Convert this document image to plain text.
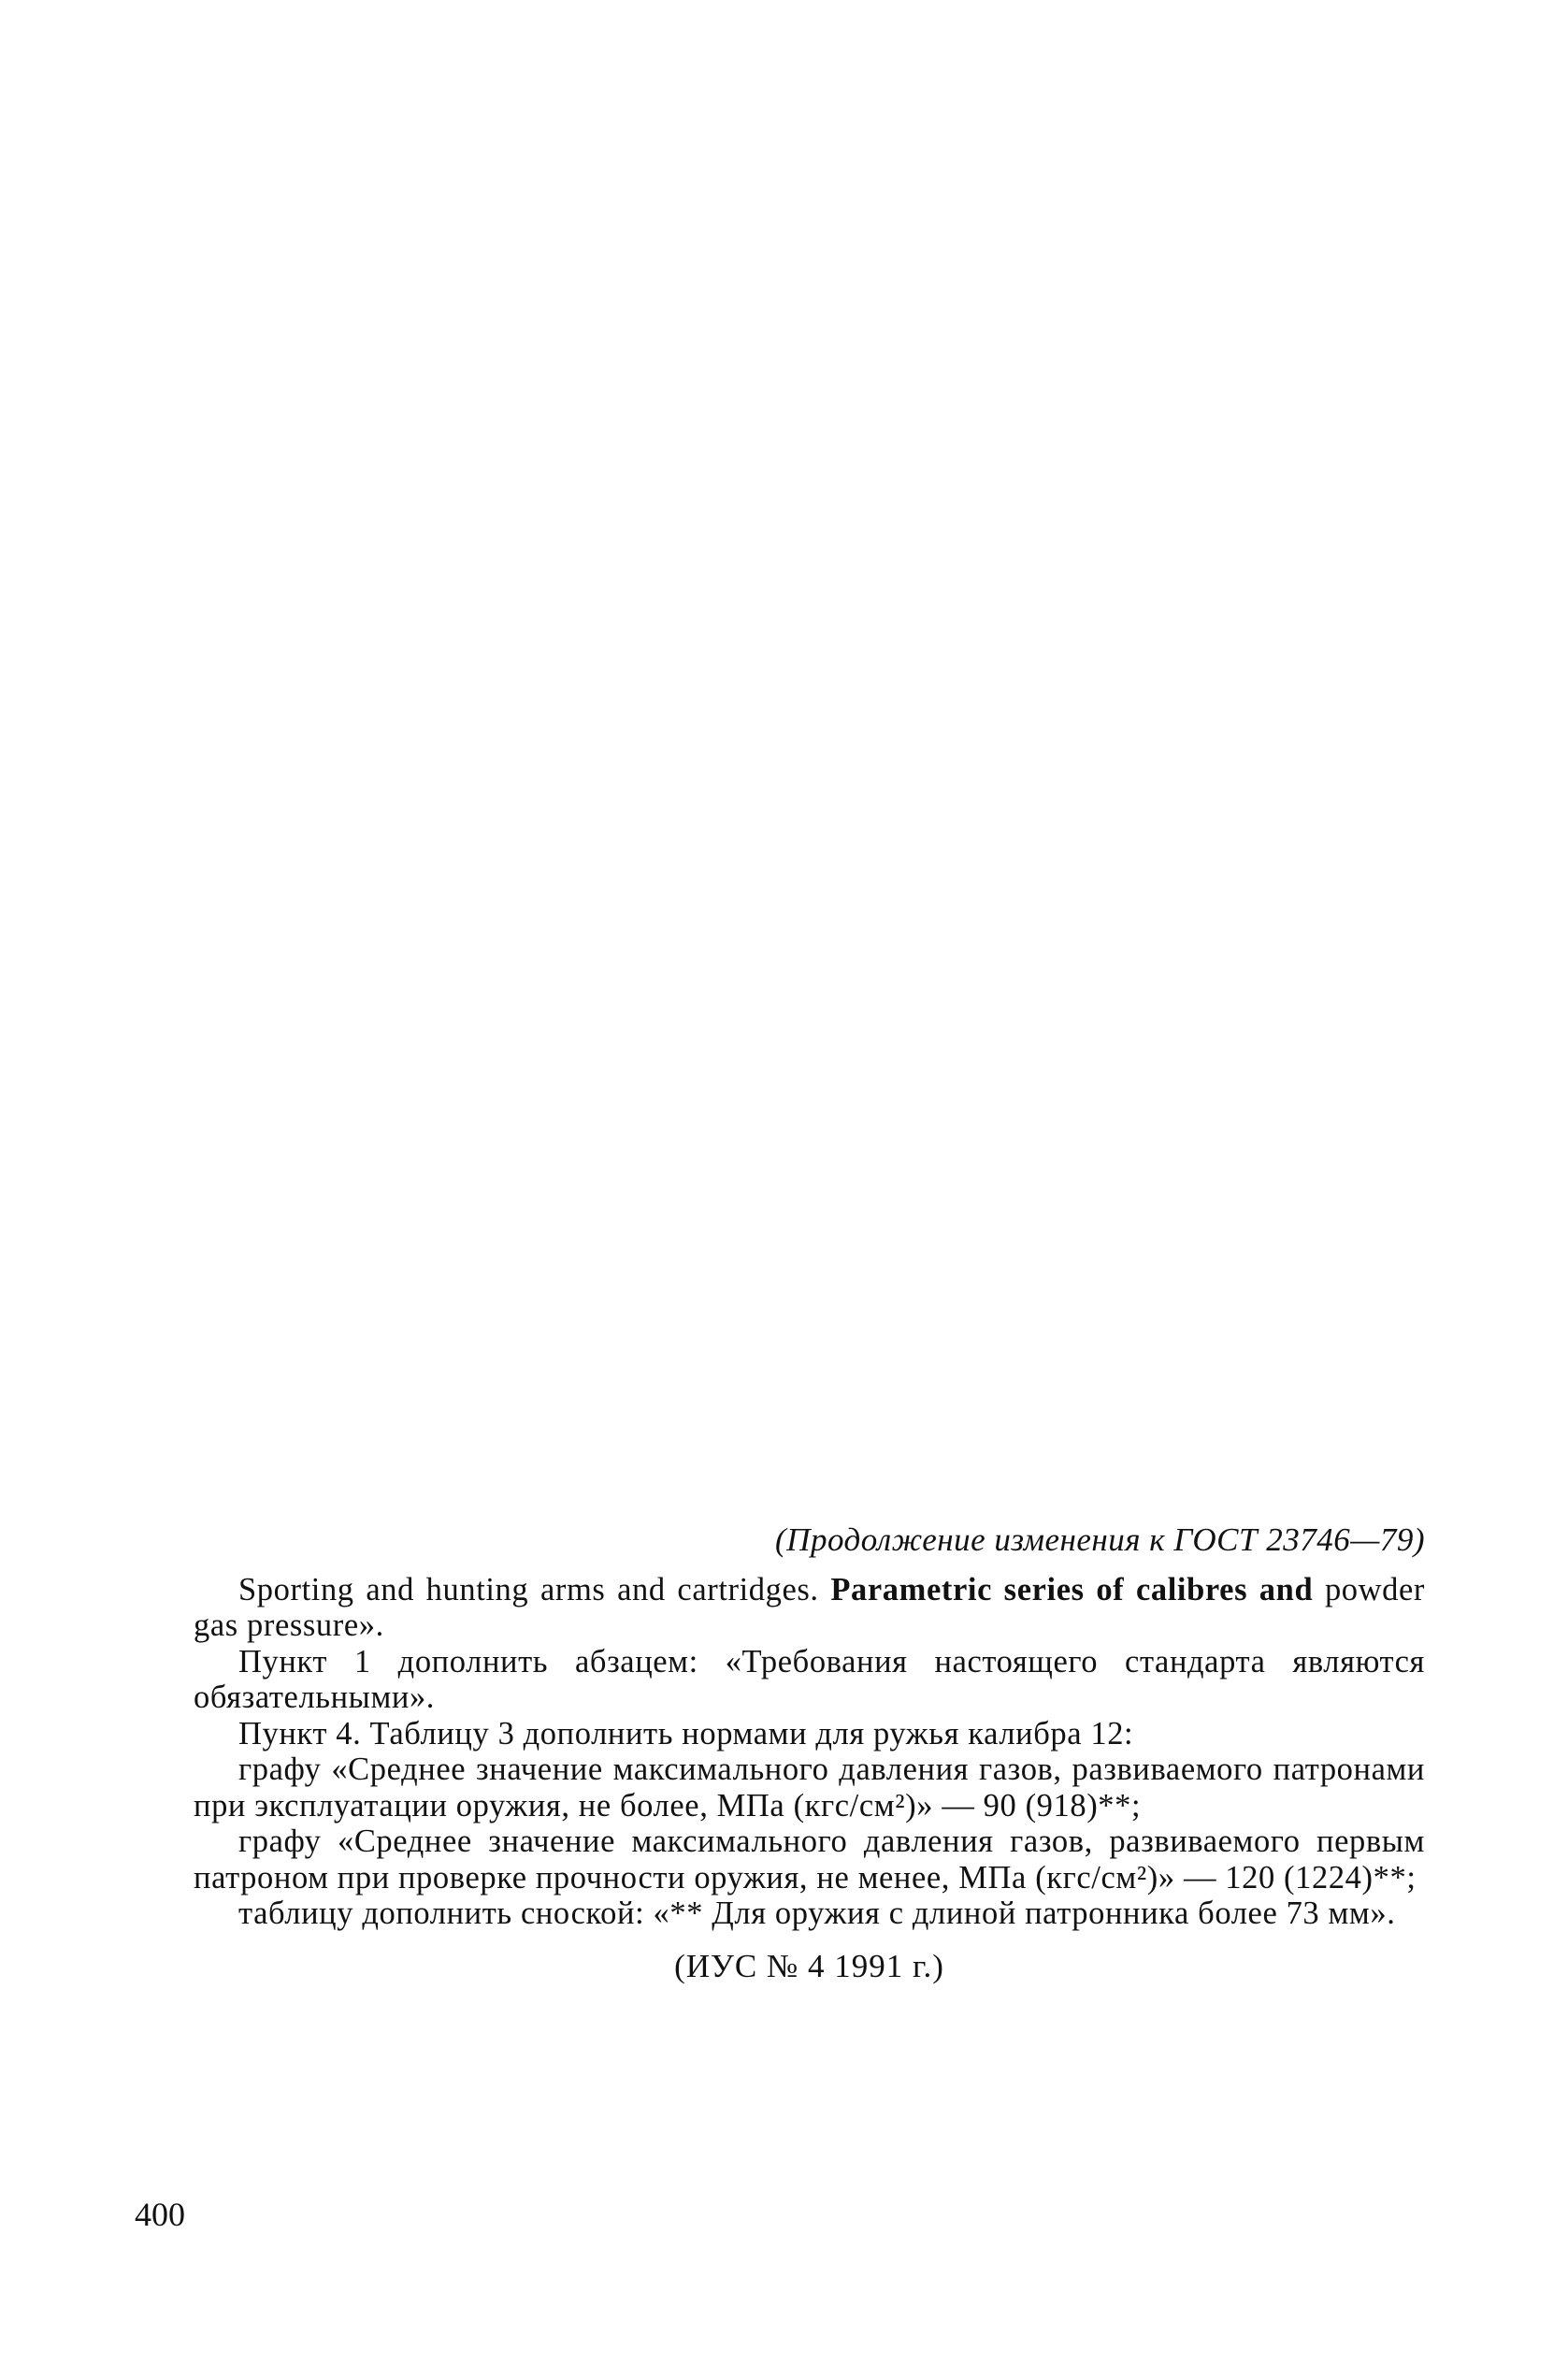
(Продолжение изменения к ГОСТ 23746—79)

Sporting and hunting arms and cartridges. Parametric series of calibres and powder gas pressure».

Пункт 1 дополнить абзацем: «Требования настоящего стандарта являются обязательными».

Пункт 4. Таблицу 3 дополнить нормами для ружья калибра 12:

графу «Среднее значение максимального давления газов, развиваемого патронами при эксплуатации оружия, не более, МПа (кгс/см²)» — 90 (918)**;

графу «Среднее значение максимального давления газов, развиваемого первым патроном при проверке прочности оружия, не менее, МПа (кгс/см²)» — 120 (1224)**;

таблицу дополнить сноской: «** Для оружия с длиной патронника более 73 мм».

(ИУС № 4 1991 г.)
400
